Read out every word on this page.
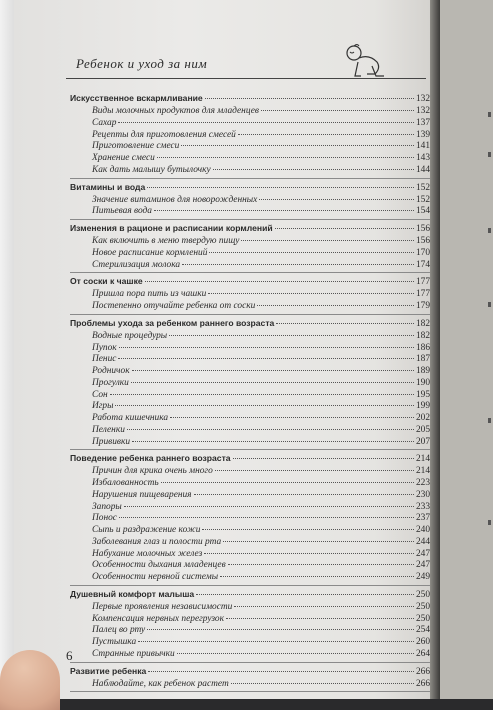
Ребенок и уход за ним
Искусственное вскармливание	132
Виды молочных продуктов для младенцев	132
Сахар	137
Рецепты для приготовления смесей	139
Приготовление смеси	141
Хранение смеси	143
Как дать малышу бутылочку	144
Витамины и вода	152
Значение витаминов для новорожденных	152
Питьевая вода	154
Изменения в рационе и расписании кормлений	156
Как включить в меню твердую пищу	156
Новое расписание кормлений	170
Стерилизация молока	174
От соски к чашке	177
Пришла пора пить из чашки	177
Постепенно отучайте ребенка от соски	179
Проблемы ухода за ребенком раннего возраста	182
Водные процедуры	182
Пупок	186
Пенис	187
Родничок	189
Прогулки	190
Сон	195
Игры	199
Работа кишечника	202
Пеленки	205
Прививки	207
Поведение ребенка раннего возраста	214
Причин для крика очень много	214
Избалованность	223
Нарушения пищеварения	230
Запоры	233
Понос	237
Сыпь и раздражение кожи	240
Заболевания глаз и полости рта	244
Набухание молочных желез	247
Особенности дыхания младенцев	247
Особенности нервной системы	249
Душевный комфорт малыша	250
Первые проявления независимости	250
Компенсация нервных перегрузок	250
Палец во рту	254
Пустышка	260
Странные привычки	264
Развитие ребенка	266
Наблюдайте, как ребенок растет	266
6
